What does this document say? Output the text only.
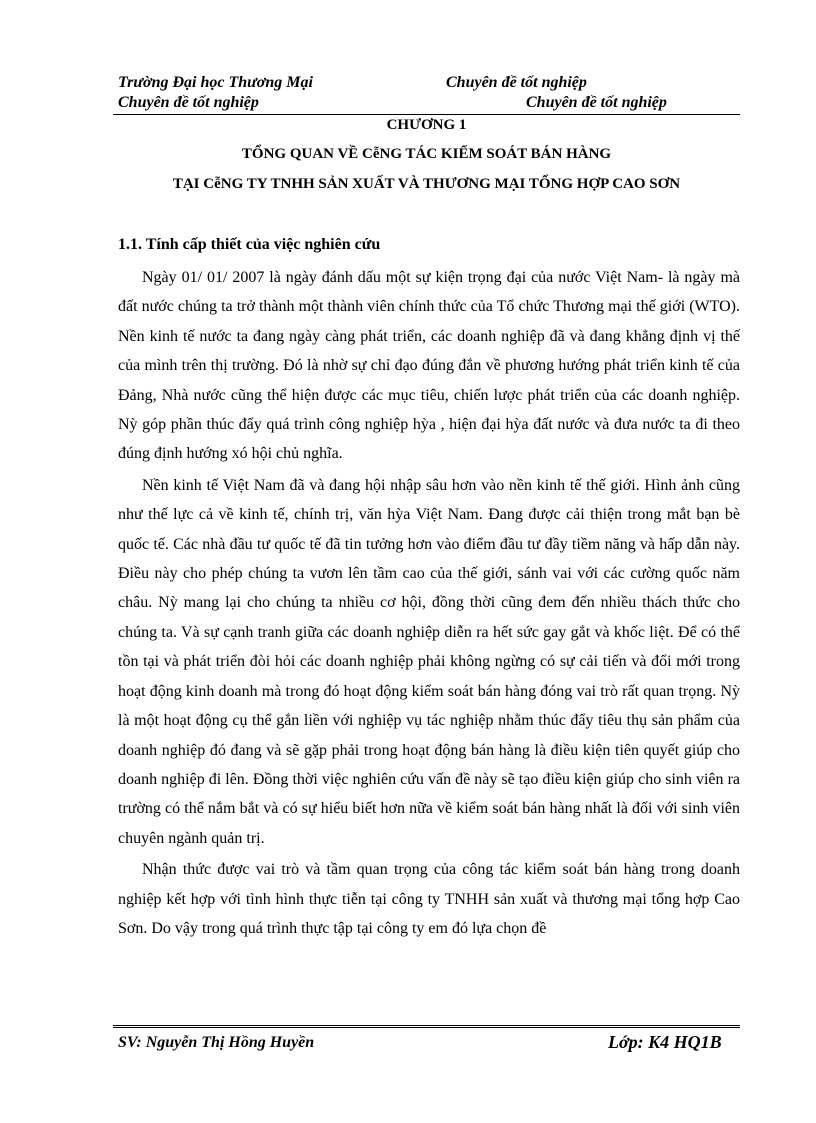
Trường Đại học Thương Mại	Chuyên đề tốt nghiệp
Chuyên đề tốt nghiệp	Chuyên đề tốt nghiệp
CHƯƠNG 1
TỔNG QUAN VỀ CễNG TÁC KIỂM SOÁT BÁN HÀNG
TẠI CễNG TY TNHH SẢN XUẤT VÀ THƯƠNG MẠI TỔNG HỢP CAO SƠN
1.1. Tính cấp thiết của việc nghiên cứu

Ngày 01/ 01/ 2007 là ngày đánh dấu một sự kiện trọng đại của nước Việt Nam- là ngày mà đất nước chúng ta trở thành một thành viên chính thức của Tổ chức Thương mại thế giới (WTO). Nền kinh tế nước ta đang ngày càng phát triển, các doanh nghiệp đã và đang khẳng định vị thế của mình trên thị trường. Đó là nhờ sự chỉ đạo đúng đắn về phương hướng phát triển kinh tế của Đảng, Nhà nước cũng thể hiện được các mục tiêu, chiến lược phát triển của các doanh nghiệp. Nỳ góp phần thúc đẩy quá trình công nghiệp hỳa , hiện đại hỳa đất nước và đưa nước ta đi theo đúng định hướng xó hội chủ nghĩa.

Nền kinh tế Việt Nam đã và đang hội nhập sâu hơn vào nền kinh tế thế giới. Hình ảnh cũng như thế lực cả về kinh tế, chính trị, văn hỳa Việt Nam. Đang được cải thiện trong mắt bạn bè quốc tế. Các nhà đầu tư quốc tế đã tin tưởng hơn vào điểm đầu tư đầy tiềm năng và hấp dẫn này. Điều này cho phép chúng ta vươn lên tầm cao của thế giới, sánh vai với các cường quốc năm châu. Nỳ mang lại cho chúng ta nhiều cơ hội, đồng thời cũng đem đến nhiều thách thức cho chúng ta. Và sự cạnh tranh giữa các doanh nghiệp diễn ra hết sức gay gắt và khốc liệt. Để có thể tồn tại và phát triển đòi hỏi các doanh nghiệp phải không ngừng có sự cải tiến và đổi mới trong hoạt động kinh doanh mà trong đó hoạt động kiểm soát bán hàng đóng vai trò rất quan trọng. Nỳ là một hoạt động cụ thể gắn liền với nghiệp vụ tác nghiệp nhằm thúc đẩy tiêu thụ sản phẩm của doanh nghiệp đó đang và sẽ gặp phải trong hoạt động bán hàng là điều kiện tiên quyết giúp cho doanh nghiệp đi lên. Đồng thời việc nghiên cứu vấn đề này sẽ tạo điều kiện giúp cho sinh viên ra trường có thể nắm bắt và có sự hiểu biết hơn nữa về kiểm soát bán hàng nhất là đối với sinh viên chuyên ngành quản trị.

Nhận thức được vai trò và tầm quan trọng của công tác kiểm soát bán hàng trong doanh nghiệp kết hợp với tình hình thực tiễn tại công ty TNHH sản xuất và thương mại tổng hợp Cao Sơn. Do vậy trong quá trình thực tập tại công ty em đó lựa chọn đề

SV: Nguyễn Thị Hồng Huyền	Lớp: K4 HQ1B
